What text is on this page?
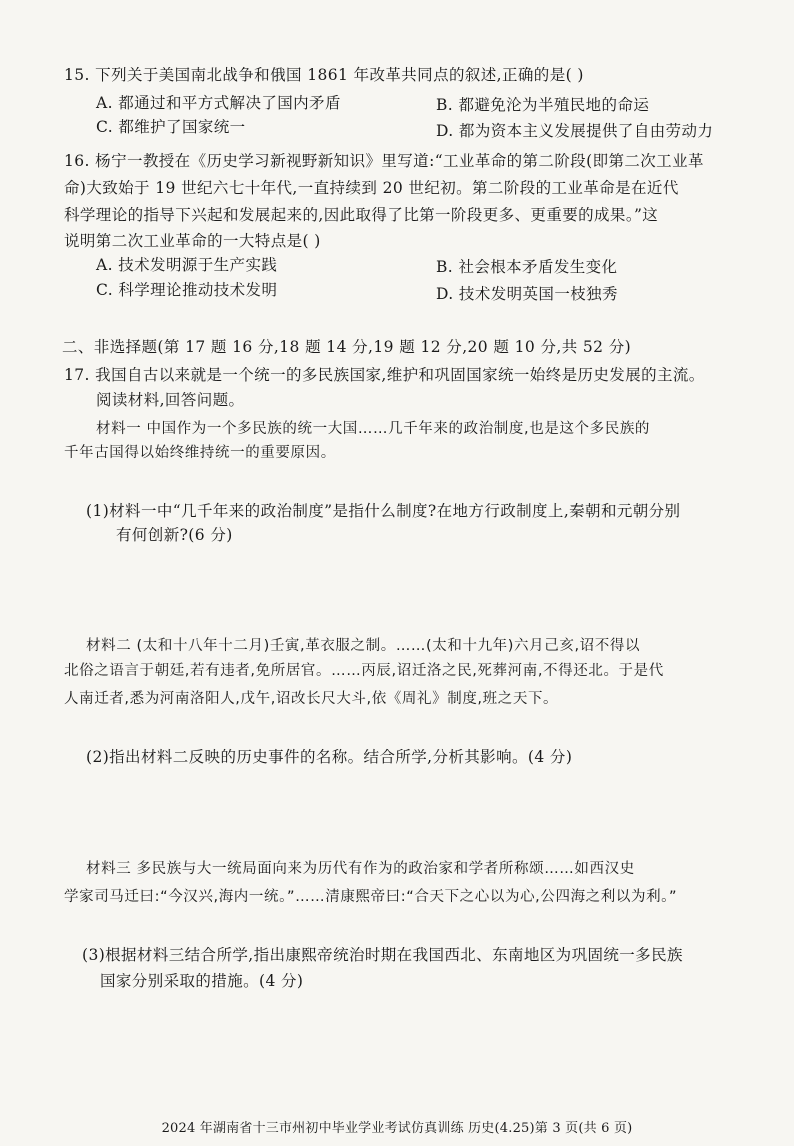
15. 下列关于美国南北战争和俄国 1861 年改革共同点的叙述,正确的是( )
A. 都通过和平方式解决了国内矛盾	B. 都避免沦为半殖民地的命运
C. 都维护了国家统一	D. 都为资本主义发展提供了自由劳动力
16. 杨宁一教授在《历史学习新视野新知识》里写道:“工业革命的第二阶段(即第二次工业革
命)大致始于 19 世纪六七十年代,一直持续到 20 世纪初。第二阶段的工业革命是在近代
科学理论的指导下兴起和发展起来的,因此取得了比第一阶段更多、更重要的成果。”这
说明第二次工业革命的一大特点是( )
A. 技术发明源于生产实践	B. 社会根本矛盾发生变化
C. 科学理论推动技术发明	D. 技术发明英国一枝独秀
二、非选择题(第 17 题 16 分,18 题 14 分,19 题 12 分,20 题 10 分,共 52 分)
17. 我国自古以来就是一个统一的多民族国家,维护和巩固国家统一始终是历史发展的主流。
阅读材料,回答问题。
材料一 中国作为一个多民族的统一大国……几千年来的政治制度,也是这个多民族的
千年古国得以始终维持统一的重要原因。
(1)材料一中“几千年来的政治制度”是指什么制度?在地方行政制度上,秦朝和元朝分别
有何创新?(6 分)
材料二 (太和十八年十二月)壬寅,革衣服之制。……(太和十九年)六月己亥,诏不得以
北俗之语言于朝廷,若有违者,免所居官。……丙辰,诏迁洛之民,死葬河南,不得还北。于是代
人南迁者,悉为河南洛阳人,戊午,诏改长尺大斗,依《周礼》制度,班之天下。
(2)指出材料二反映的历史事件的名称。结合所学,分析其影响。(4 分)
材料三 多民族与大一统局面向来为历代有作为的政治家和学者所称颂……如西汉史
学家司马迁曰:“今汉兴,海内一统。”……清康熙帝曰:“合天下之心以为心,公四海之利以为利。”
(3)根据材料三结合所学,指出康熙帝统治时期在我国西北、东南地区为巩固统一多民族
国家分别采取的措施。(4 分)
2024 年湖南省十三市州初中毕业学业考试仿真训练 历史(4.25)第 3 页(共 6 页)
